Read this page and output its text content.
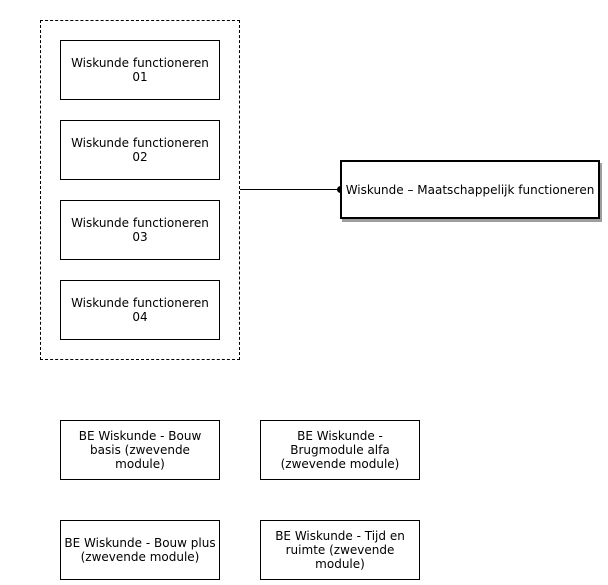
Wiskunde functioneren 01
Wiskunde functioneren 02
Wiskunde functioneren 03
Wiskunde functioneren 04
Wiskunde – Maatschappelijk functioneren
BE Wiskunde - Bouw basis (zwevende module)
BE Wiskunde - Brugmodule alfa (zwevende module)
BE Wiskunde - Bouw plus (zwevende module)
BE Wiskunde - Tijd en ruimte (zwevende module)
